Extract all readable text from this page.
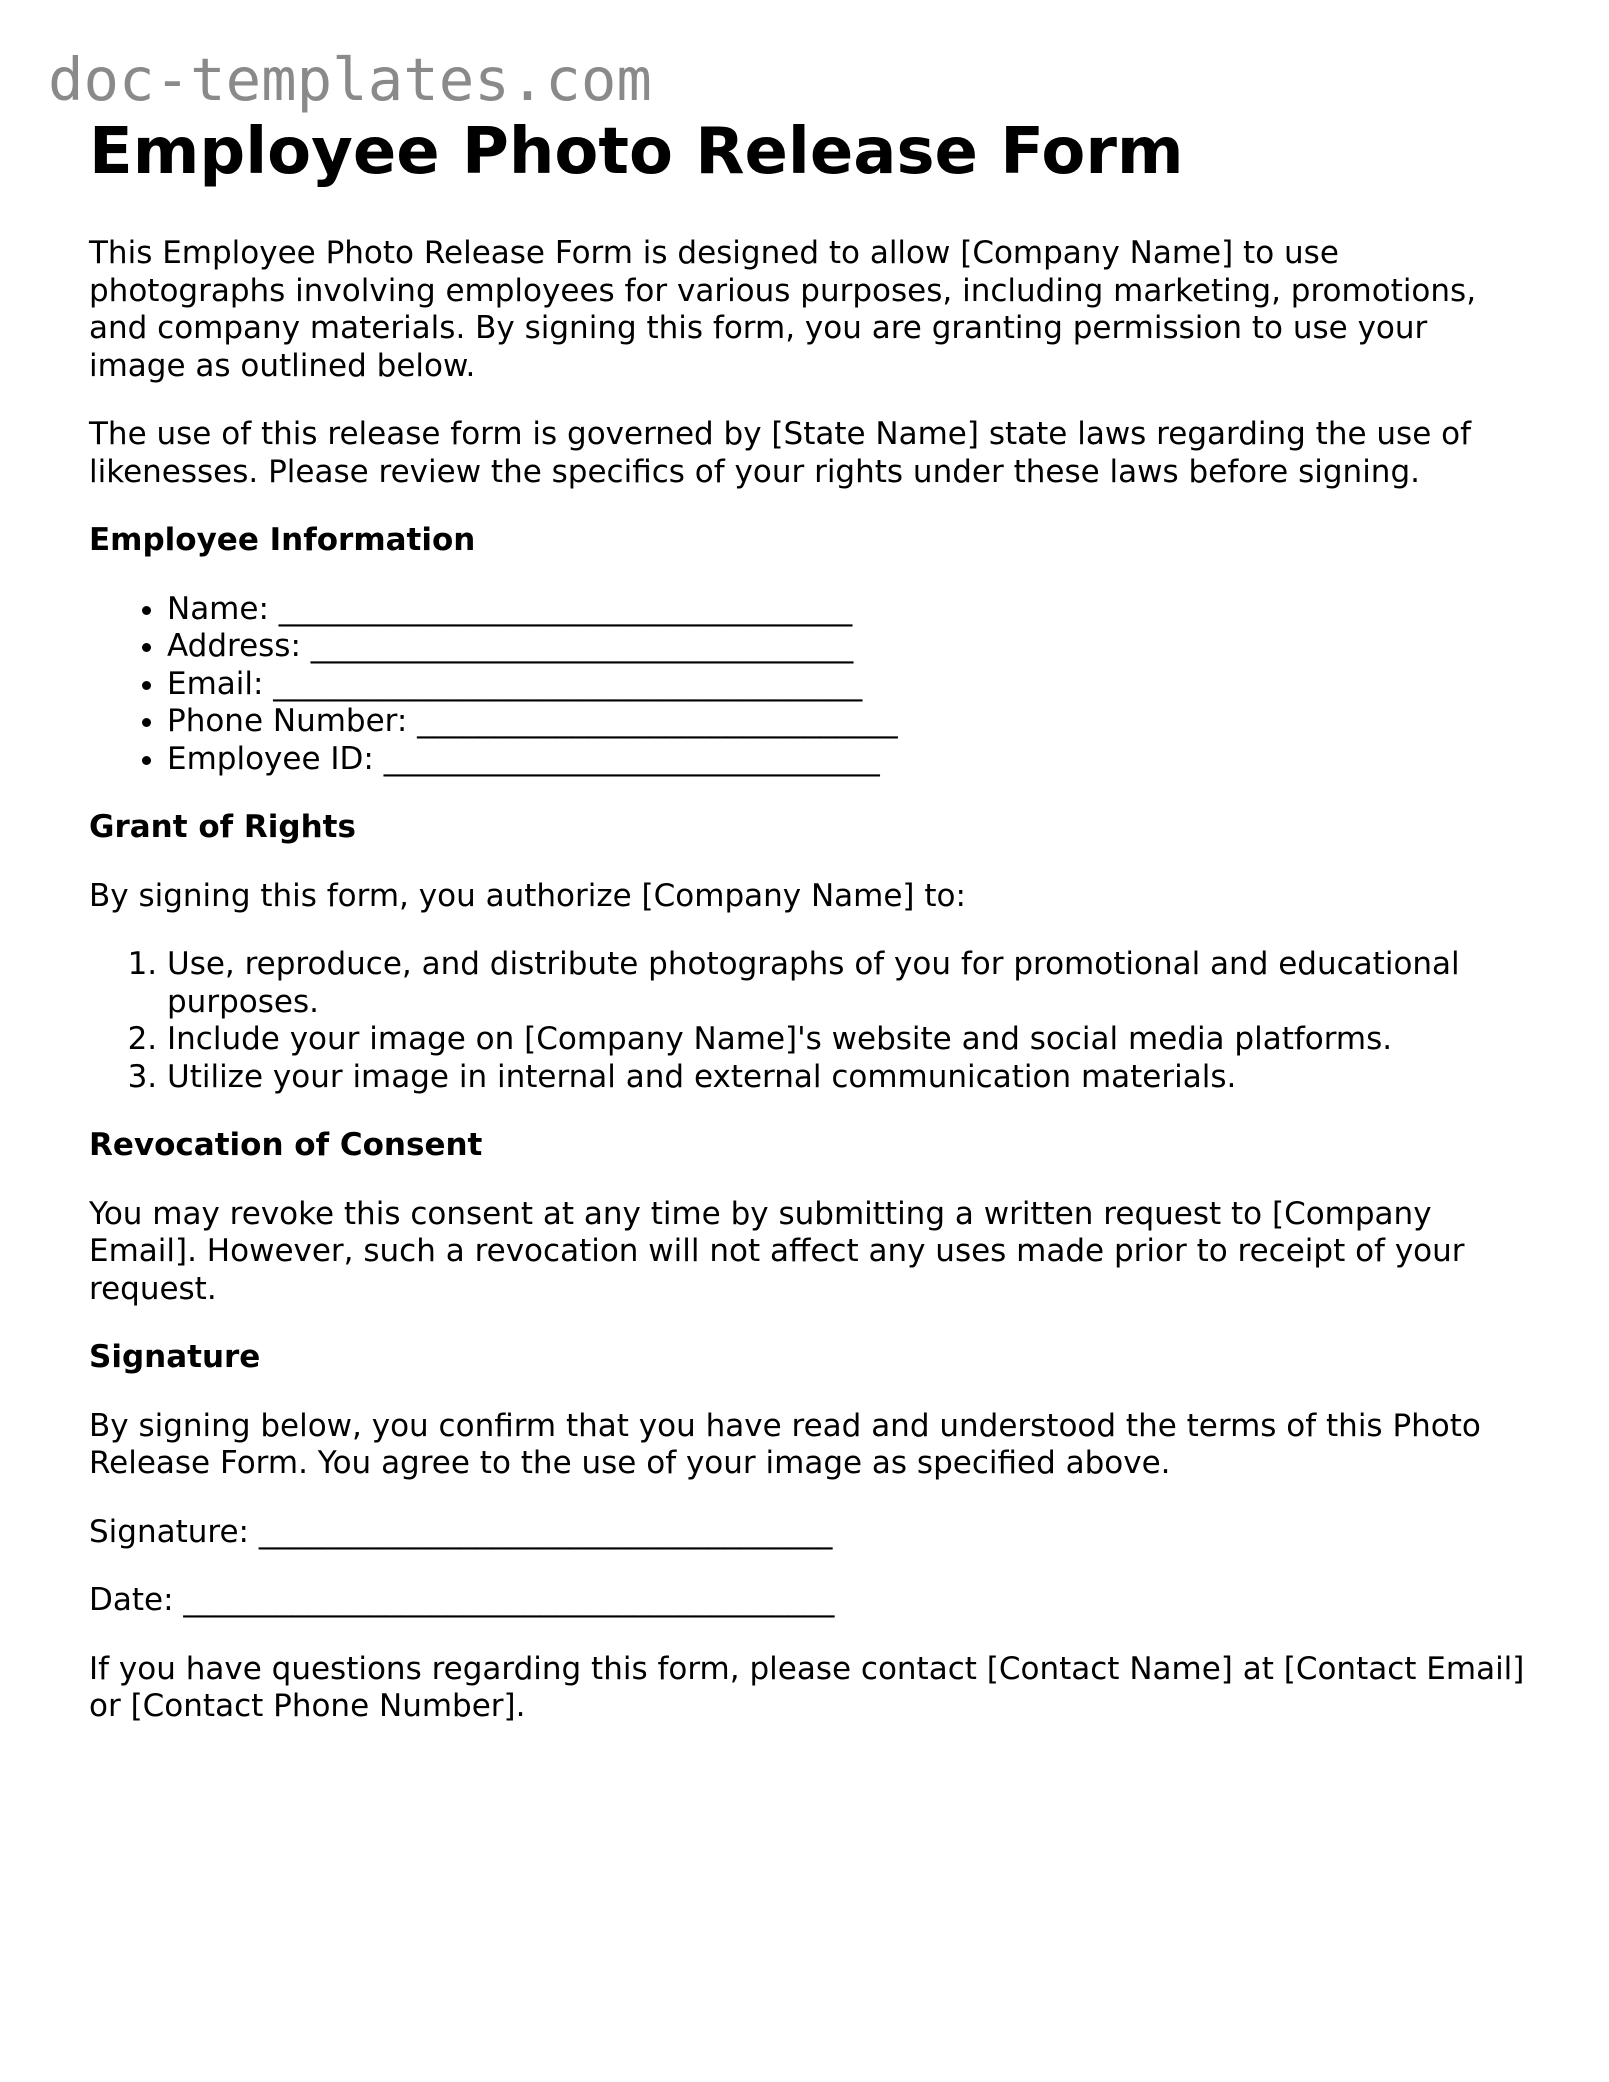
doc-templates.com
Employee Photo Release Form

This Employee Photo Release Form is designed to allow [Company Name] to use photographs involving employees for various purposes, including marketing, promotions, and company materials. By signing this form, you are granting permission to use your image as outlined below.

The use of this release form is governed by [State Name] state laws regarding the use of likenesses. Please review the specifics of your rights under these laws before signing.

Employee Information
• Name: _____________________________________
• Address: ___________________________________
• Email: ______________________________________
• Phone Number: _______________________________
• Employee ID: ________________________________
Grant of Rights

By signing this form, you authorize [Company Name] to:

1. Use, reproduce, and distribute photographs of you for promotional and educational purposes.
2. Include your image on [Company Name]'s website and social media platforms.
3. Utilize your image in internal and external communication materials.
Revocation of Consent

You may revoke this consent at any time by submitting a written request to [Company Email]. However, such a revocation will not affect any uses made prior to receipt of your request.

Signature

By signing below, you confirm that you have read and understood the terms of this Photo Release Form. You agree to the use of your image as specified above.

Signature: _____________________________________

Date: __________________________________________

If you have questions regarding this form, please contact [Contact Name] at [Contact Email] or [Contact Phone Number].
